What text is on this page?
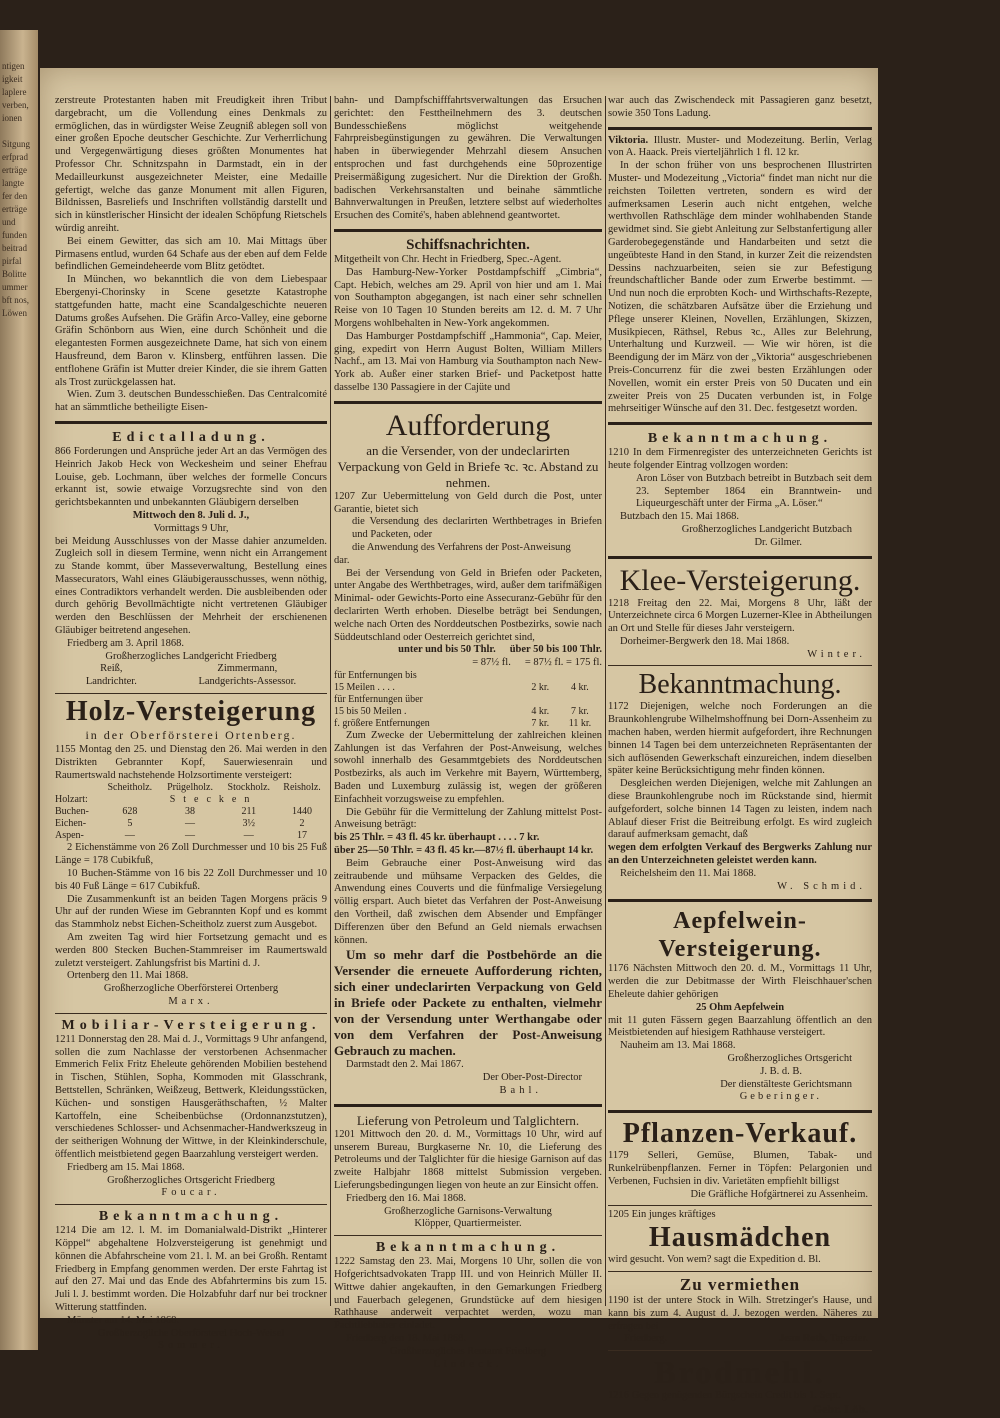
ntigen
igkeit
laplere
verben,
ionen

Sitgung
erfprad
erträge
langte
fer den
erträge
und
funden
beitrad
pirfal
Bolitte
ummer
bft nos,
Löwen

zerstreute Protestanten haben mit Freudigkeit ihren Tribut dargebracht, um die Vollendung eines Denkmals zu ermöglichen, das in würdigster Weise Zeugniß ablegen soll von einer großen Epoche deutscher Geschichte. Zur Verherrlichung und Vergegenwärtigung dieses größten Monumentes hat Professor Chr. Schnitzspahn in Darmstadt, ein in der Medailleurkunst ausgezeichneter Meister, eine Medaille gefertigt, welche das ganze Monument mit allen Figuren, Bildnissen, Basreliefs und Inschriften vollständig darstellt und sich in künstlerischer Hinsicht der idealen Schöpfung Rietschels würdig anreiht.

Bei einem Gewitter, das sich am 10. Mai Mittags über Pirmasens entlud, wurden 64 Schafe aus der eben auf dem Felde befindlichen Gemeindeheerde vom Blitz getödtet.

In München, wo bekanntlich die von dem Liebespaar Ebergenyi-Chorinsky in Scene gesetzte Katastrophe stattgefunden hatte, macht eine Scandalgeschichte neueren Datums großes Aufsehen. Die Gräfin Arco-Valley, eine geborne Gräfin Schönborn aus Wien, eine durch Schönheit und die elegantesten Formen ausgezeichnete Dame, hat sich von einem Hausfreund, dem Baron v. Klinsberg, entführen lassen. Die entflohene Gräfin ist Mutter dreier Kinder, die sie ihrem Gatten als Trost zurückgelassen hat.

Wien. Zum 3. deutschen Bundesschießen. Das Centralcomité hat an sämmtliche betheiligte Eisen-

Edictalladung.

866 Forderungen und Ansprüche jeder Art an das Vermögen des Heinrich Jakob Heck von Weckesheim und seiner Ehefrau Louise, geb. Lochmann, über welches der formelle Concurs erkannt ist, sowie etwaige Vorzugsrechte sind von den gerichtsbekannten und unbekannten Gläubigern derselben

Mittwoch den 8. Juli d. J.,
Vormittags 9 Uhr,

bei Meidung Ausschlusses von der Masse dahier anzumelden. Zugleich soll in diesem Termine, wenn nicht ein Arrangement zu Stande kommt, über Masseverwaltung, Bestellung eines Massecurators, Wahl eines Gläubigerausschusses, wenn nöthig, eines Contradiktors verhandelt werden. Die ausbleibenden oder durch gehörig Bevollmächtigte nicht vertretenen Gläubiger werden den Beschlüssen der Mehrheit der erschienenen Gläubiger beitretend angesehen.

Friedberg am 3. April 1868.

Großherzogliches Landgericht Friedberg
Reiß,
Landrichter.
Zimmermann,
Landgerichts-Assessor.
Holz-Versteigerung
in der Oberförsterei Ortenberg.

1155 Montag den 25. und Dienstag den 26. Mai werden in den Distrikten Gebrannter Kopf, Sauerwiesenrain und Raumertswald nachstehende Holzsortimente versteigert:

	Scheitholz.	Prügelholz.	Stockholz.	Reisholz.
Holzart:	Stecken			
Buchen-	628	38	211	1440
Eichen-	5	—	3½	2
Aspen-	—	—	—	17

2 Eichenstämme von 26 Zoll Durchmesser und 10 bis 25 Fuß Länge = 178 Cubikfuß,

10 Buchen-Stämme von 16 bis 22 Zoll Durchmesser und 10 bis 40 Fuß Länge = 617 Cubikfuß.

Die Zusammenkunft ist an beiden Tagen Morgens präcis 9 Uhr auf der runden Wiese im Gebrannten Kopf und es kommt das Stammholz nebst Eichen-Scheitholz zuerst zum Ausgebot.

Am zweiten Tag wird hier Fortsetzung gemacht und es werden 800 Stecken Buchen-Stammreiser im Raumertswald zuletzt versteigert. Zahlungsfrist bis Martini d. J.

Ortenberg den 11. Mai 1868.

Großherzogliche Oberförsterei Ortenberg
Marx.
Mobiliar-Versteigerung.

1211 Donnerstag den 28. Mai d. J., Vormittags 9 Uhr anfangend, sollen die zum Nachlasse der verstorbenen Achsenmacher Emmerich Felix Fritz Eheleute gehörenden Mobilien bestehend in Tischen, Stühlen, Sopha, Kommoden mit Glasschrank, Bettstellen, Schränken, Weißzeug, Bettwerk, Kleidungsstücken, Küchen- und sonstigen Hausgeräthschaften, ½ Malter Kartoffeln, eine Scheibenbüchse (Ordonnanzstutzen), verschiedenes Schlosser- und Achsenmacher-Handwerkszeug in der seitherigen Wohnung der Wittwe, in der Kleinkinderschule, öffentlich meistbietend gegen Baarzahlung versteigert werden.

Friedberg am 15. Mai 1868.

Großherzogliches Ortsgericht Friedberg
Foucar.
Bekanntmachung.

1214 Die am 12. l. M. im Domanialwald-Distrikt „Hinterer Köppel“ abgehaltene Holzversteigerung ist genehmigt und können die Abfahrscheine vom 21. l. M. an bei Großh. Rentamt Friedberg in Empfang genommen werden. Der erste Fahrtag ist auf den 27. Mai und das Ende des Abfahrtermins bis zum 15. Juli l. J. bestimmt worden. Die Holzabfuhr darf nur bei trockner Witterung stattfinden.

Münster am 14. Mai 1868.

Großherzogliche Oberförsterei Hoch-Weisel
Sommer.

bahn- und Dampfschifffahrtsverwaltungen das Ersuchen gerichtet: den Festtheilnehmern des 3. deutschen Bundesschießens möglichst weitgehende Fahrpreisbegünstigungen zu gewähren. Die Verwaltungen haben in überwiegender Mehrzahl diesem Ansuchen entsprochen und fast durchgehends eine 50prozentige Preisermäßigung zugesichert. Nur die Direktion der Großh. badischen Verkehrsanstalten und beinahe sämmtliche Bahnverwaltungen in Preußen, letztere selbst auf wiederholtes Ersuchen des Comité's, haben ablehnend geantwortet.

Schiffsnachrichten.

Mitgetheilt von Chr. Hecht in Friedberg, Spec.-Agent.

Das Hamburg-New-Yorker Postdampfschiff „Cimbria“, Capt. Hebich, welches am 29. April von hier und am 1. Mai von Southampton abgegangen, ist nach einer sehr schnellen Reise von 10 Tagen 10 Stunden bereits am 12. d. M. 7 Uhr Morgens wohlbehalten in New-York angekommen.

Das Hamburger Postdampfschiff „Hammonia“, Cap. Meier, ging, expedirt von Herrn August Bolten, William Millers Nachf., am 13. Mai von Hamburg via Southampton nach New-York ab. Außer einer starken Brief- und Packetpost hatte dasselbe 130 Passagiere in der Cajüte und

Aufforderung
an die Versender, von der undeclarirten Verpackung von Geld in Briefe ꝛc. ꝛc. Abstand zu nehmen.

1207 Zur Uebermittelung von Geld durch die Post, unter Garantie, bietet sich

die Versendung des declarirten Werthbetrages in Briefen und Packeten, oder

die Anwendung des Verfahrens der Post-Anweisung

dar.

Bei der Versendung von Geld in Briefen oder Packeten, unter Angabe des Werthbetrages, wird, außer dem tarifmäßigen Minimal- oder Gewichts-Porto eine Assecuranz-Gebühr für den declarirten Werth erhoben. Dieselbe beträgt bei Sendungen, welche nach Orten des Norddeutschen Postbezirks, sowie nach Süddeutschland oder Oesterreich gerichtet sind,

unter und bis 50 Thlr. über 50 bis 100 Thlr.
= 87½ fl. = 87½ fl. = 175 fl.
für Entfernungen bis		
15 Meilen . . . .	2 kr.	4 kr.
für Entfernungen über		
15 bis 50 Meilen .	4 kr.	7 kr.
f. größere Entfernungen	7 kr.	11 kr.

Zum Zwecke der Uebermittelung der zahlreichen kleinen Zahlungen ist das Verfahren der Post-Anweisung, welches sowohl innerhalb des Gesammtgebiets des Norddeutschen Postbezirks, als auch im Verkehre mit Bayern, Württemberg, Baden und Luxemburg zulässig ist, wegen der größeren Einfachheit vorzugsweise zu empfehlen.

Die Gebühr für die Vermittelung der Zahlung mittelst Post-Anweisung beträgt:

bis 25 Thlr. = 43 fl. 45 kr. überhaupt . . . . 7 kr.
über 25—50 Thlr. = 43 fl. 45 kr.—87½ fl. überhaupt 14 kr.

Beim Gebrauche einer Post-Anweisung wird das zeitraubende und mühsame Verpacken des Geldes, die Anwendung eines Couverts und die fünfmalige Versiegelung völlig erspart. Auch bietet das Verfahren der Post-Anweisung den Vortheil, daß zwischen dem Absender und Empfänger Differenzen über den Befund an Geld niemals erwachsen können.

Um so mehr darf die Postbehörde an die Versender die erneuete Aufforderung richten, sich einer undeclarirten Verpackung von Geld in Briefe oder Packete zu enthalten, vielmehr von der Versendung unter Werthangabe oder von dem Verfahren der Post-Anweisung Gebrauch zu machen.

Darmstadt den 2. Mai 1867.

Der Ober-Post-Director
Bahl.
Lieferung von Petroleum und Talglichtern.

1201 Mittwoch den 20. d. M., Vormittags 10 Uhr, wird auf unserem Bureau, Burgkaserne Nr. 10, die Lieferung des Petroleums und der Talglichter für die hiesige Garnison auf das zweite Halbjahr 1868 mittelst Submission vergeben. Lieferungsbedingungen liegen von heute an zur Einsicht offen.

Friedberg den 16. Mai 1868.

Großherzogliche Garnisons-Verwaltung
Klöpper, Quartiermeister.
Bekanntmachung.

1222 Samstag den 23. Mai, Morgens 10 Uhr, sollen die von Hofgerichtsadvokaten Trapp III. und von Heinrich Müller II. Wittwe dahier angekauften, in den Gemarkungen Friedberg und Fauerbach gelegenen, Grundstücke auf dem hiesigen Rathhause anderweit verpachtet werden, wozu man Pachtliebhaber einladet.

Friedberg den 18. Mai 1868.

Großherzogliches Rentamt Friedberg
Lindeck.

war auch das Zwischendeck mit Passagieren ganz besetzt, sowie 350 Tons Ladung.

Viktoria. Illustr. Muster- und Modezeitung. Berlin, Verlag von A. Haack. Preis vierteljährlich 1 fl. 12 kr.

In der schon früher von uns besprochenen Illustrirten Muster- und Modezeitung „Victoria“ findet man nicht nur die reichsten Toiletten vertreten, sondern es wird der aufmerksamen Leserin auch nicht entgehen, welche werthvollen Rathschläge dem minder wohlhabenden Stande gewidmet sind. Sie giebt Anleitung zur Selbstanfertigung aller Garderobegegenstände und Handarbeiten und setzt die ungeübteste Hand in den Stand, in kurzer Zeit die reizendsten Dessins nachzuarbeiten, seien sie zur Befestigung freundschaftlicher Bande oder zum Erwerbe bestimmt. — Und nun noch die erprobten Koch- und Wirthschafts-Rezepte, Notizen, die schätzbaren Aufsätze über die Erziehung und Pflege unserer Kleinen, Novellen, Erzählungen, Skizzen, Musikpiecen, Räthsel, Rebus ꝛc., Alles zur Belehrung, Unterhaltung und Kurzweil. — Wie wir hören, ist die Beendigung der im März von der „Viktoria“ ausgeschriebenen Preis-Concurrenz für die zwei besten Erzählungen oder Novellen, womit ein erster Preis von 50 Ducaten und ein zweiter Preis von 25 Ducaten verbunden ist, in Folge mehrseitiger Wünsche auf den 31. Dec. festgesetzt worden.

Bekanntmachung.

1210 In dem Firmenregister des unterzeichneten Gerichts ist heute folgender Eintrag vollzogen worden:

Aron Löser von Butzbach betreibt in Butzbach seit dem 23. September 1864 ein Branntwein- und Liqueurgeschäft unter der Firma „A. Löser.“

Butzbach den 15. Mai 1868.

Großherzogliches Landgericht Butzbach
Dr. Gilmer.
Klee-Versteigerung.

1218 Freitag den 22. Mai, Morgens 8 Uhr, läßt der Unterzeichnete circa 6 Morgen Luzerner-Klee in Abtheilungen an Ort und Stelle für dieses Jahr versteigern.

Dorheimer-Bergwerk den 18. Mai 1868.

Winter.
Bekanntmachung.

1172 Diejenigen, welche noch Forderungen an die Braunkohlengrube Wilhelmshoffnung bei Dorn-Assenheim zu machen haben, werden hiermit aufgefordert, ihre Rechnungen binnen 14 Tagen bei dem unterzeichneten Repräsentanten der sich auflösenden Gewerkschaft einzureichen, indem dieselben später keine Berücksichtigung mehr finden können.

Desgleichen werden Diejenigen, welche mit Zahlungen an diese Braunkohlengrube noch im Rückstande sind, hiermit aufgefordert, solche binnen 14 Tagen zu leisten, indem nach Ablauf dieser Frist die Beitreibung erfolgt. Es wird zugleich darauf aufmerksam gemacht, daß

wegen dem erfolgten Verkauf des Bergwerks Zahlung nur an den Unterzeichneten geleistet werden kann.

Reichelsheim den 11. Mai 1868.

W. Schmid.
Aepfelwein-Versteigerung.

1176 Nächsten Mittwoch den 20. d. M., Vormittags 11 Uhr, werden die zur Debitmasse der Wirth Fleischhauer'schen Eheleute dahier gehörigen

25 Ohm Aepfelwein

mit 11 guten Fässern gegen Baarzahlung öffentlich an den Meistbietenden auf hiesigem Rathhause versteigert.

Nauheim am 13. Mai 1868.

Großherzogliches Ortsgericht
J. B. d. B.
Der dienstälteste Gerichtsmann
Geberinger.
Pflanzen-Verkauf.

1179 Sellerі, Gemüse, Blumen, Tabak- und Runkelrübenpflanzen. Ferner in Töpfen: Pelargonien und Verbenen, Fuchsien in div. Varietäten empfiehlt billigst

Die Gräfliche Hofgärtnerei zu Assenheim.

1205 Ein junges kräftiges

Hausmädchen

wird gesucht. Von wem? sagt die Expedition d. Bl.

Zu vermiethen

1190 ist der untere Stock in Wilh. Stretzinger's Hause, und kann bis zum 4. August d. J. bezogen werden. Näheres zu erfragen bei

Friedberg.	Jean Roth, Tapezier.
Brodmehl.

1216 Gegen genügenden Bürgschein Credit bis 1. Sept.

Gebr. Löb.
